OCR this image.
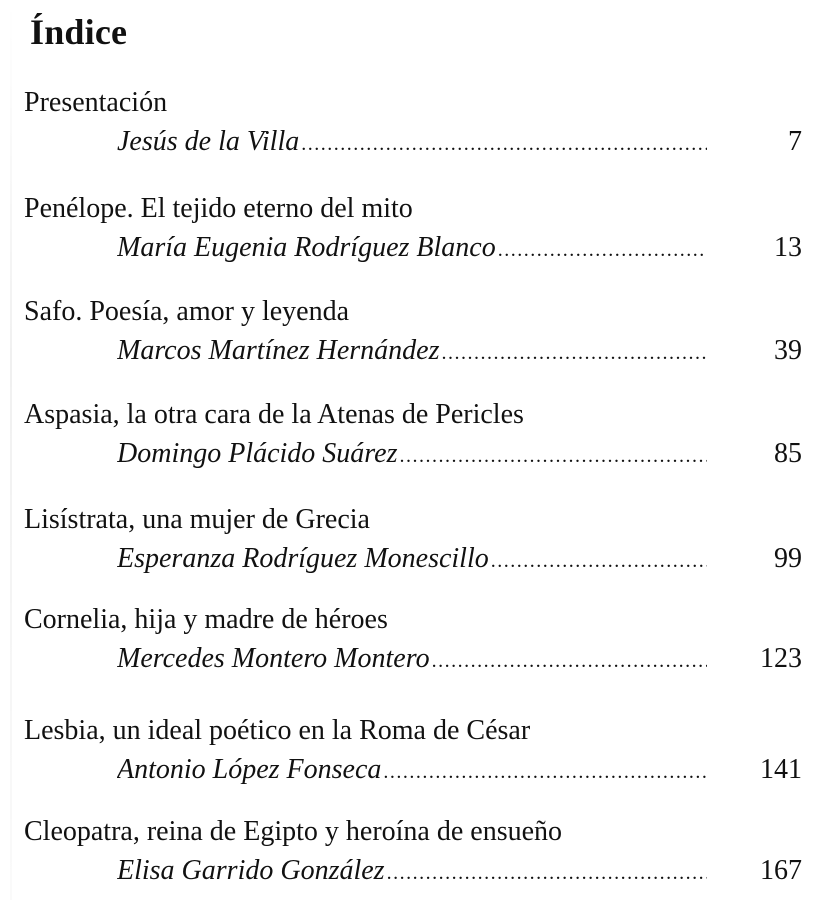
Índice
Presentación
Jesús de la Villa .....	7
Penélope. El tejido eterno del mito
María Eugenia Rodríguez Blanco .....	13
Safo. Poesía, amor y leyenda
Marcos Martínez Hernández .....	39
Aspasia, la otra cara de la Atenas de Pericles
Domingo Plácido Suárez .....	85
Lisístrata, una mujer de Grecia
Esperanza Rodríguez Monescillo .....	99
Cornelia, hija y madre de héroes
Mercedes Montero Montero .....	123
Lesbia, un ideal poético en la Roma de César
Antonio López Fonseca .....	141
Cleopatra, reina de Egipto y heroína de ensueño
Elisa Garrido González .....	167
